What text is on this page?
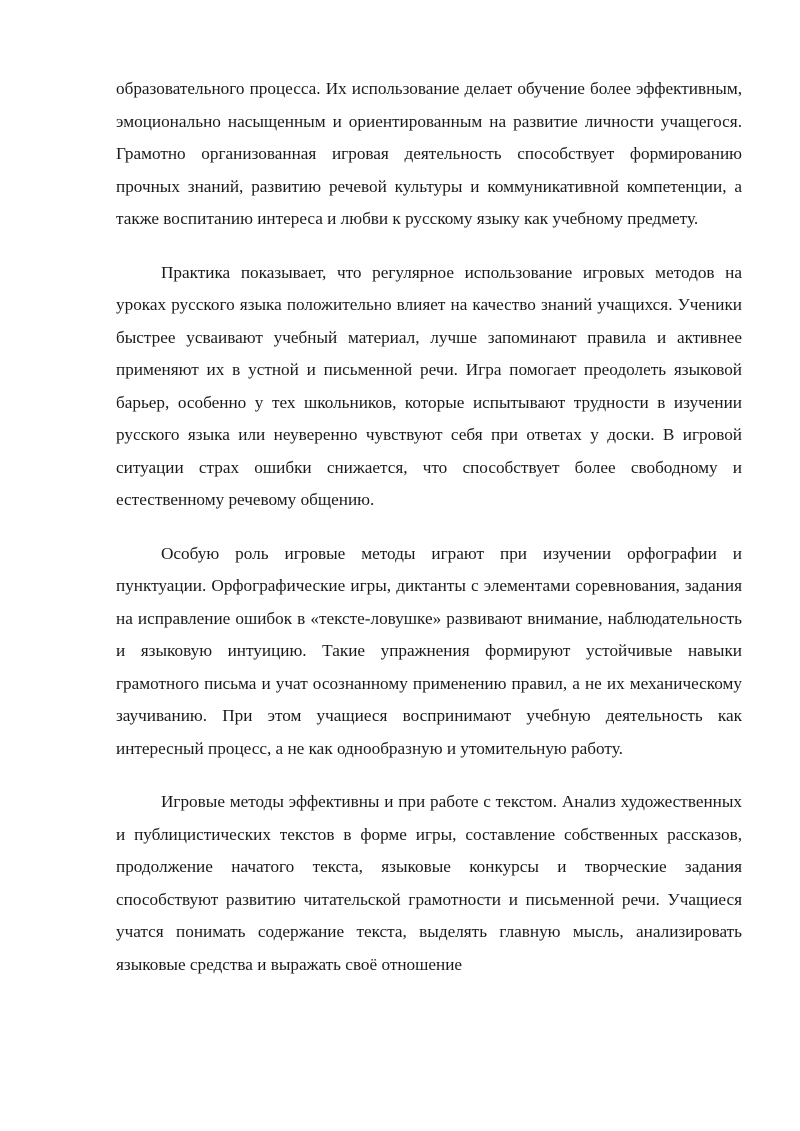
образовательного процесса. Их использование делает обучение более эффективным, эмоционально насыщенным и ориентированным на развитие личности учащегося. Грамотно организованная игровая деятельность способствует формированию прочных знаний, развитию речевой культуры и коммуникативной компетенции, а также воспитанию интереса и любви к русскому языку как учебному предмету.

Практика показывает, что регулярное использование игровых методов на уроках русского языка положительно влияет на качество знаний учащихся. Ученики быстрее усваивают учебный материал, лучше запоминают правила и активнее применяют их в устной и письменной речи. Игра помогает преодолеть языковой барьер, особенно у тех школьников, которые испытывают трудности в изучении русского языка или неуверенно чувствуют себя при ответах у доски. В игровой ситуации страх ошибки снижается, что способствует более свободному и естественному речевому общению.

Особую роль игровые методы играют при изучении орфографии и пунктуации. Орфографические игры, диктанты с элементами соревнования, задания на исправление ошибок в «тексте-ловушке» развивают внимание, наблюдательность и языковую интуицию. Такие упражнения формируют устойчивые навыки грамотного письма и учат осознанному применению правил, а не их механическому заучиванию. При этом учащиеся воспринимают учебную деятельность как интересный процесс, а не как однообразную и утомительную работу.

Игровые методы эффективны и при работе с текстом. Анализ художественных и публицистических текстов в форме игры, составление собственных рассказов, продолжение начатого текста, языковые конкурсы и творческие задания способствуют развитию читательской грамотности и письменной речи. Учащиеся учатся понимать содержание текста, выделять главную мысль, анализировать языковые средства и выражать своё отношение
